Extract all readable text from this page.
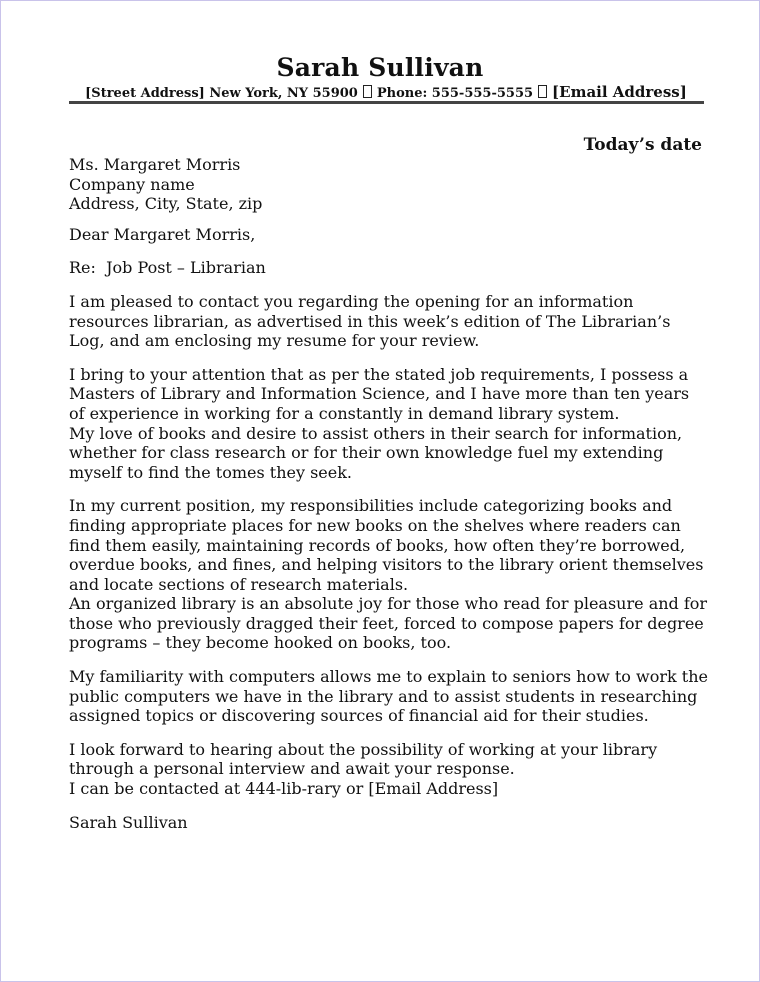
Sarah Sullivan
[Street Address] New York, NY 55900 Phone: 555-555-5555 [Email Address]
Today’s date

Ms. Margaret Morris

Company name

Address, City, State, zip

Dear Margaret Morris,

Re:  Job Post – Librarian

I am pleased to contact you regarding the opening for an information resources librarian, as advertised in this week’s edition of The Librarian’s Log, and am enclosing my resume for your review.

I bring to your attention that as per the stated job requirements, I possess a Masters of Library and Information Science, and I have more than ten years of experience in working for a constantly in demand library system.

My love of books and desire to assist others in their search for information, whether for class research or for their own knowledge fuel my extending myself to find the tomes they seek.

In my current position, my responsibilities include categorizing books and finding appropriate places for new books on the shelves where readers can find them easily, maintaining records of books, how often they’re borrowed, overdue books, and fines, and helping visitors to the library orient themselves and locate sections of research materials.

An organized library is an absolute joy for those who read for pleasure and for those who previously dragged their feet, forced to compose papers for degree programs – they become hooked on books, too.

My familiarity with computers allows me to explain to seniors how to work the public computers we have in the library and to assist students in researching assigned topics or discovering sources of financial aid for their studies.

I look forward to hearing about the possibility of working at your library through a personal interview and await your response.

I can be contacted at 444-lib-rary or [Email Address]

Sarah Sullivan
